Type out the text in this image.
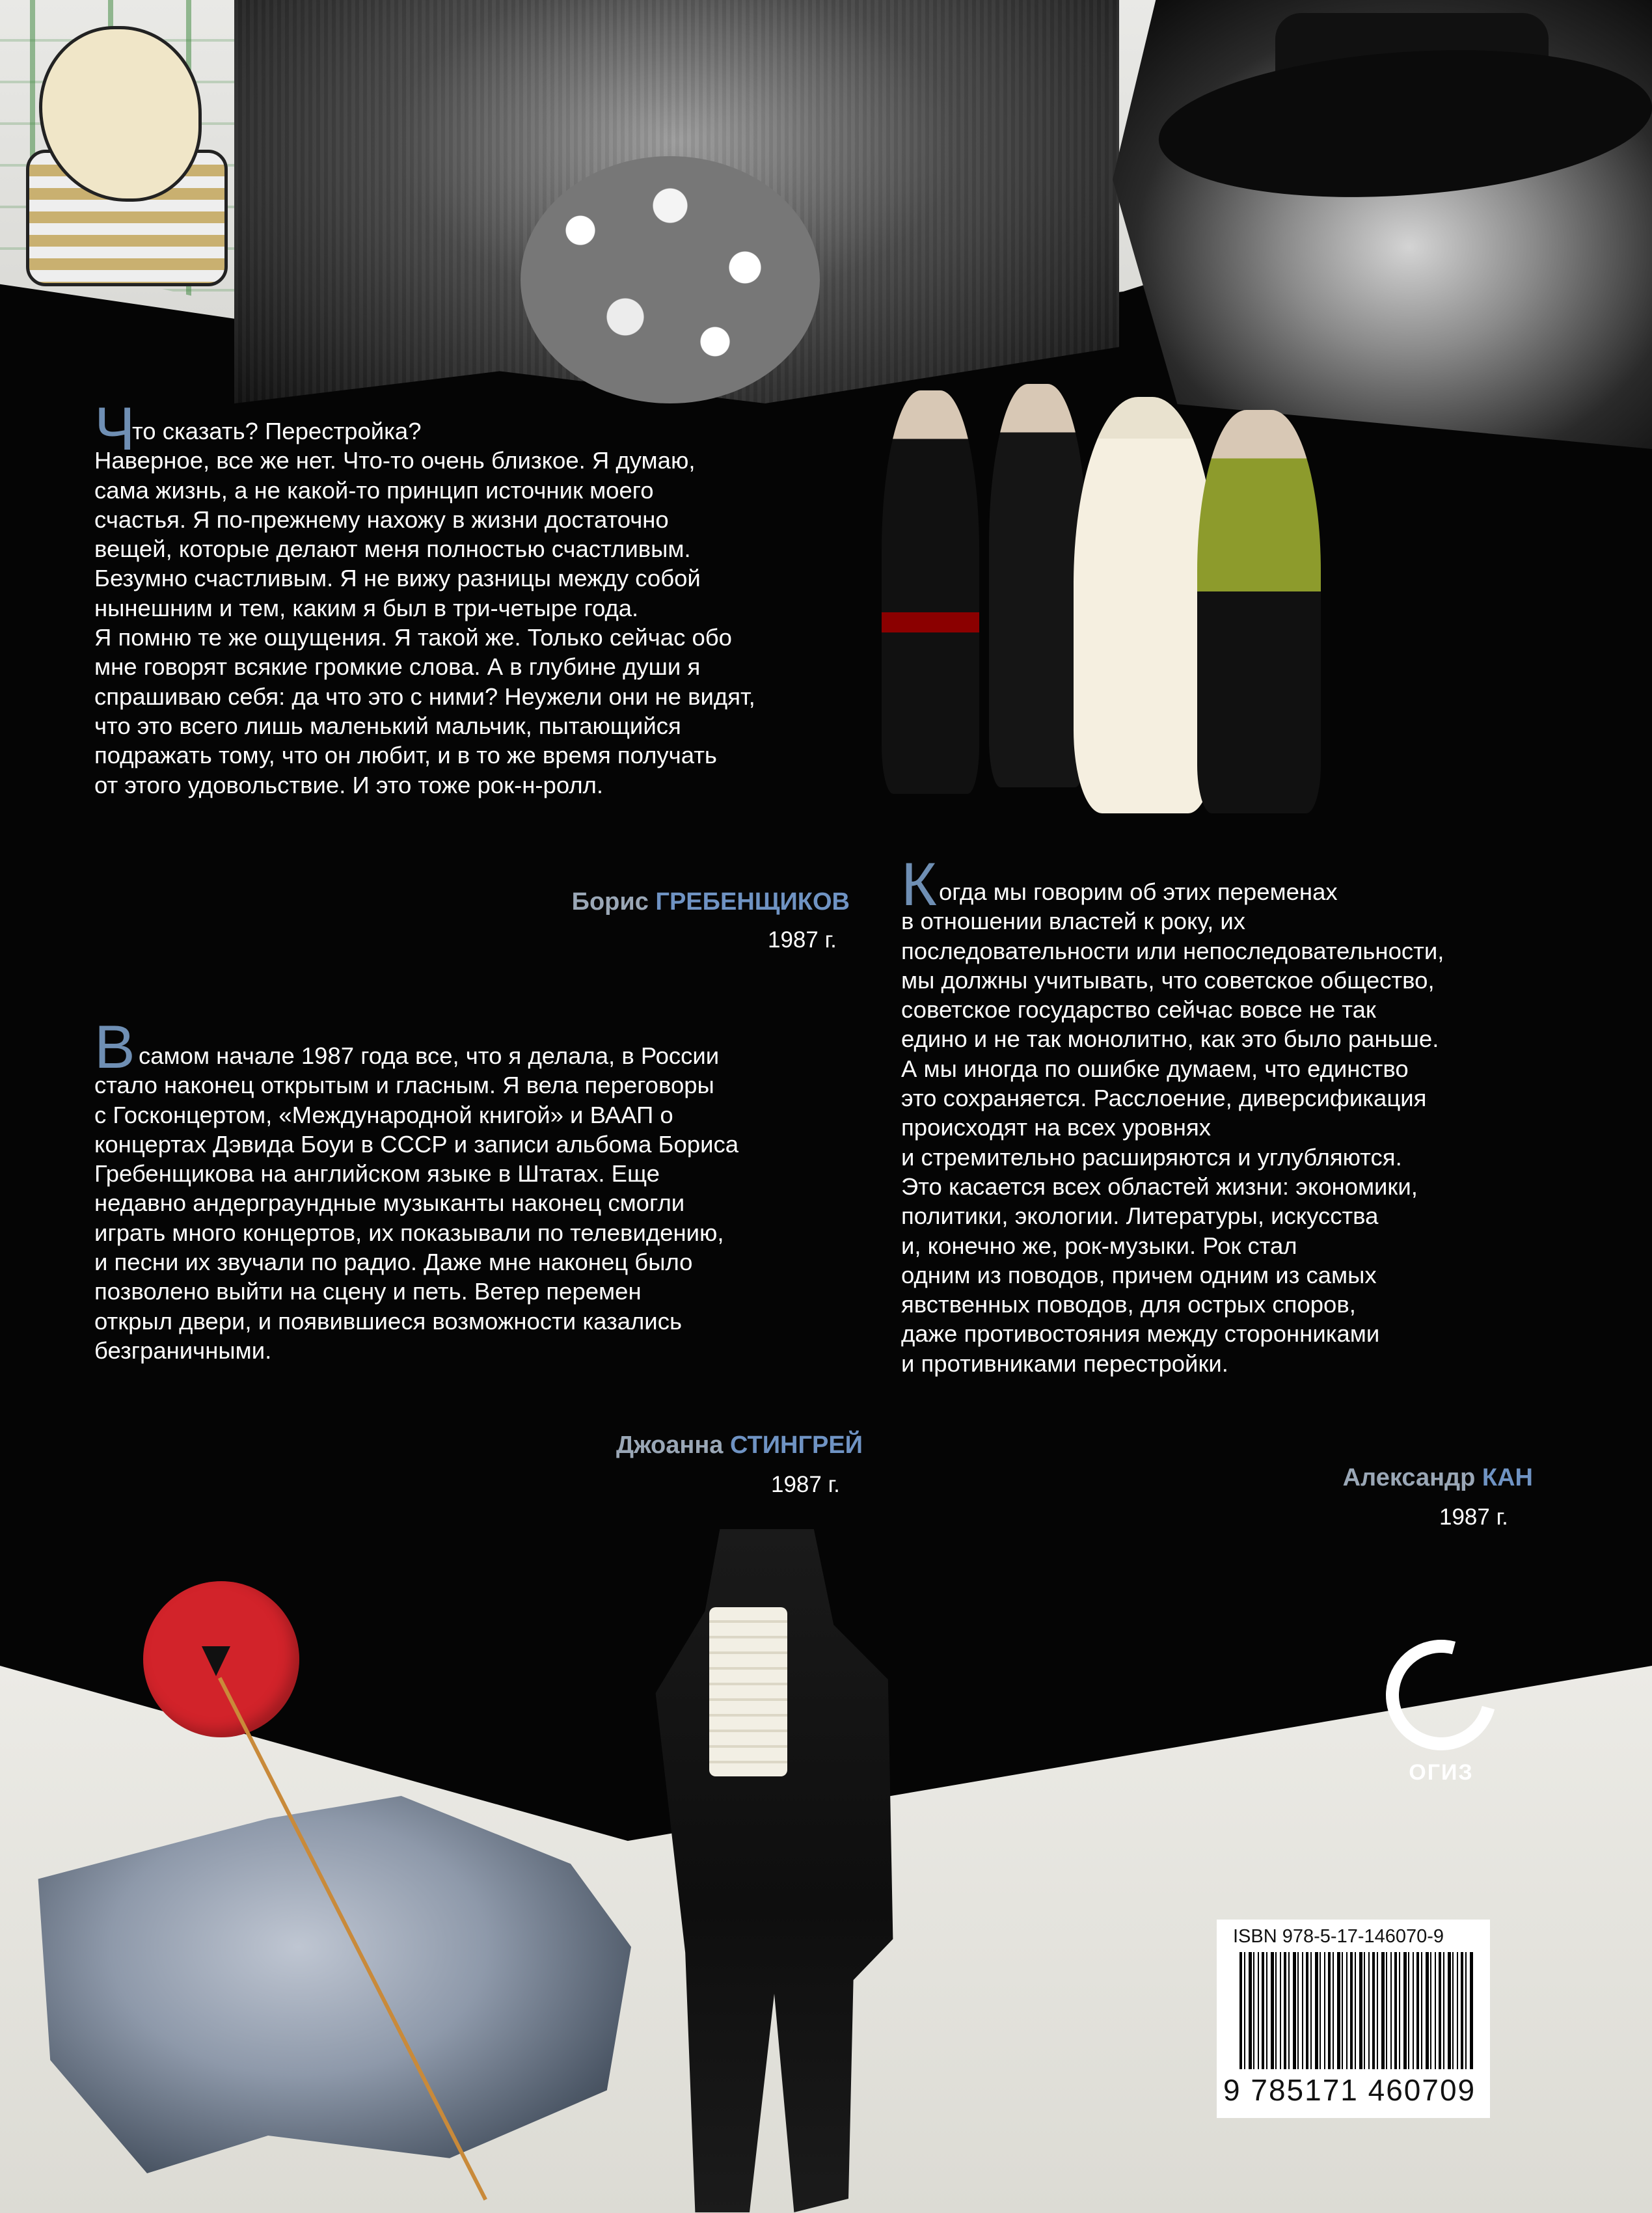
Ч
то сказать? Перестройка?
Наверное, все же нет. Что-то очень близкое. Я думаю,
сама жизнь, а не какой-то принцип источник моего
счастья. Я по-прежнему нахожу в жизни достаточно
вещей, которые делают меня полностью счастливым.
Безумно счастливым. Я не вижу разницы между собой
нынешним и тем, каким я был в три-четыре года.
Я помню те же ощущения. Я такой же. Только сейчас обо
мне говорят всякие громкие слова. А в глубине души я
спрашиваю себя: да что это с ними? Неужели они не видят,
что это всего лишь маленький мальчик, пытающийся
подражать тому, что он любит, и в то же время получать
от этого удовольствие. И это тоже рок-н-ролл.
Борис ГРЕБЕНЩИКОВ
1987 г.
В самом начале 1987 года все, что я делала, в России
стало наконец открытым и гласным. Я вела переговоры
с Госконцертом, «Международной книгой» и ВААП о
концертах Дэвида Боуи в СССР и записи альбома Бориса
Гребенщикова на английском языке в Штатах. Еще
недавно андерграундные музыканты наконец смогли
играть много концертов, их показывали по телевидению,
и песни их звучали по радио. Даже мне наконец было
позволено выйти на сцену и петь. Ветер перемен
открыл двери, и появившиеся возможности казались
безграничными.
Джоанна СТИНГРЕЙ
1987 г.
К огда мы говорим об этих переменах
в отношении властей к року, их
последовательности или непоследовательности,
мы должны учитывать, что советское общество,
советское государство сейчас вовсе не так
едино и не так монолитно, как это было раньше.
А мы иногда по ошибке думаем, что единство
это сохраняется. Расслоение, диверсификация
происходят на всех уровнях
и стремительно расширяются и углубляются.
Это касается всех областей жизни: экономики,
политики, экологии. Литературы, искусства
и, конечно же, рок-музыки. Рок стал
одним из поводов, причем одним из самых
явственных поводов, для острых споров,
даже противостояния между сторонниками
и противниками перестройки.
Александр КАН
1987 г.
ОГИЗ
ISBN 978-5-17-146070-9
9 785171 460709
